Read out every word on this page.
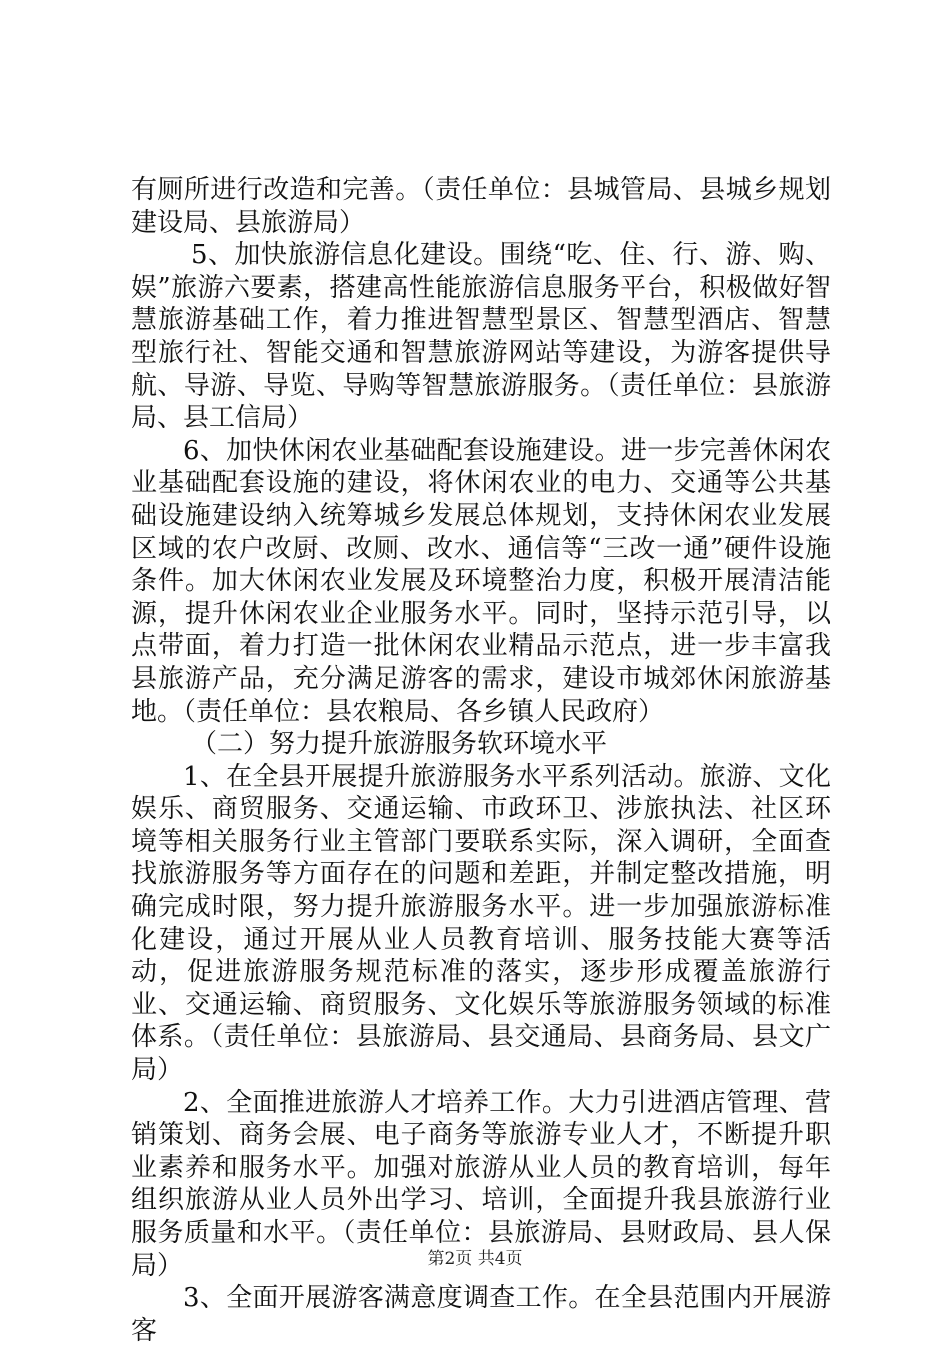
有厕所进行改造和完善。（责任单位：县城管局、县城乡规划建设局、县旅游局）

5、加快旅游信息化建设。围绕“吃、住、行、游、购、娱”旅游六要素，搭建高性能旅游信息服务平台，积极做好智慧旅游基础工作，着力推进智慧型景区、智慧型酒店、智慧型旅行社、智能交通和智慧旅游网站等建设，为游客提供导航、导游、导览、导购等智慧旅游服务。（责任单位：县旅游局、县工信局）

6、加快休闲农业基础配套设施建设。进一步完善休闲农业基础配套设施的建设，将休闲农业的电力、交通等公共基础设施建设纳入统筹城乡发展总体规划，支持休闲农业发展区域的农户改厨、改厕、改水、通信等“三改一通”硬件设施条件。加大休闲农业发展及环境整治力度，积极开展清洁能源，提升休闲农业企业服务水平。同时，坚持示范引导，以点带面，着力打造一批休闲农业精品示范点，进一步丰富我县旅游产品，充分满足游客的需求，建设市城郊休闲旅游基地。（责任单位：县农粮局、各乡镇人民政府）

（二）努力提升旅游服务软环境水平

1、在全县开展提升旅游服务水平系列活动。旅游、文化娱乐、商贸服务、交通运输、市政环卫、涉旅执法、社区环境等相关服务行业主管部门要联系实际，深入调研，全面查找旅游服务等方面存在的问题和差距，并制定整改措施，明确完成时限，努力提升旅游服务水平。进一步加强旅游标准化建设，通过开展从业人员教育培训、服务技能大赛等活动，促进旅游服务规范标准的落实，逐步形成覆盖旅游行业、交通运输、商贸服务、文化娱乐等旅游服务领域的标准体系。（责任单位：县旅游局、县交通局、县商务局、县文广局）

2、全面推进旅游人才培养工作。大力引进酒店管理、营销策划、商务会展、电子商务等旅游专业人才，不断提升职业素养和服务水平。加强对旅游从业人员的教育培训，每年组织旅游从业人员外出学习、培训，全面提升我县旅游行业服务质量和水平。（责任单位：县旅游局、县财政局、县人保局）

3、全面开展游客满意度调查工作。在全县范围内开展游客

第2页 共4页
